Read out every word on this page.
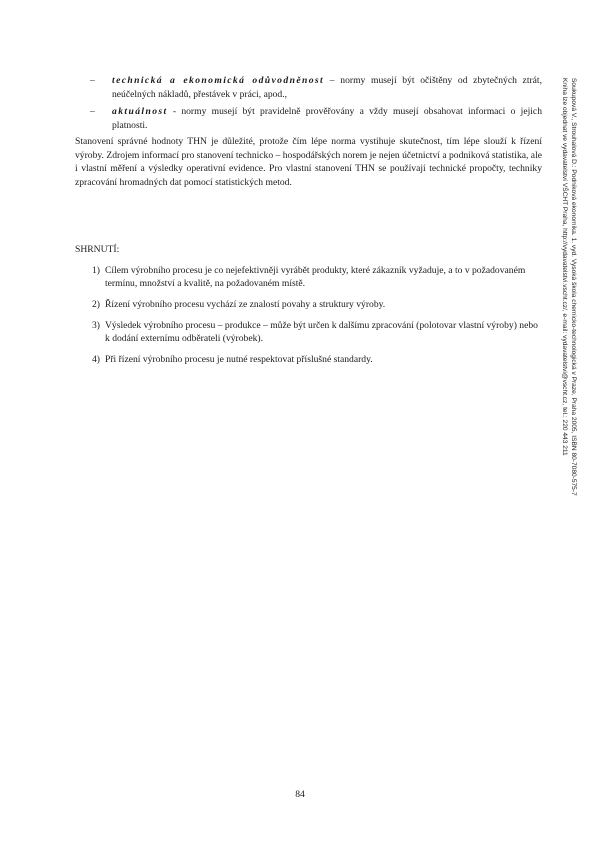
– technická a ekonomická odůvodněnost – normy musejí být očištěny od zbytečných ztrát, neúčelných nákladů, přestávek v práci, apod.,
– aktuálnost - normy musejí být pravidelně prověřovány a vždy musejí obsahovat informaci o jejich platnosti.
Stanovení správné hodnoty THN je důležité, protože čím lépe norma vystihuje skutečnost, tím lépe slouží k řízení výroby. Zdrojem informací pro stanovení technicko – hospodářských norem je nejen účetnictví a podniková statistika, ale i vlastní měření a výsledky operativní evidence. Pro vlastní stanovení THN se používají technické propočty, techniky zpracování hromadných dat pomocí statistických metod.
SHRNUTÍ:
1) Cílem výrobního procesu je co nejefektivněji vyrábět produkty, které zákazník vyžaduje, a to v požadovaném termínu, množství a kvalitě, na požadovaném místě.
2) Řízení výrobního procesu vychází ze znalostí povahy a struktury výroby.
3) Výsledek výrobního procesu – produkce – může být určen k dalšímu zpracování (polotovar vlastní výroby) nebo k dodání externímu odběrateli (výrobek).
4) Při řízení výrobního procesu je nutné respektovat příslušné standardy.
84
Soukupová V., Strouhalová D.: Podniková ekonomika. 1. vyd. Vysoká škola chemicko-technologická v Praze, Praha 2005, ISBN 80-7080-575-7
Kniha lze objednat ve vydavatelství VŠCHT Praha, http://vydavatelstvi.vscht.cz/, e-mail: vydavatelstvi@vscht.cz, tel.: 220 443 211
